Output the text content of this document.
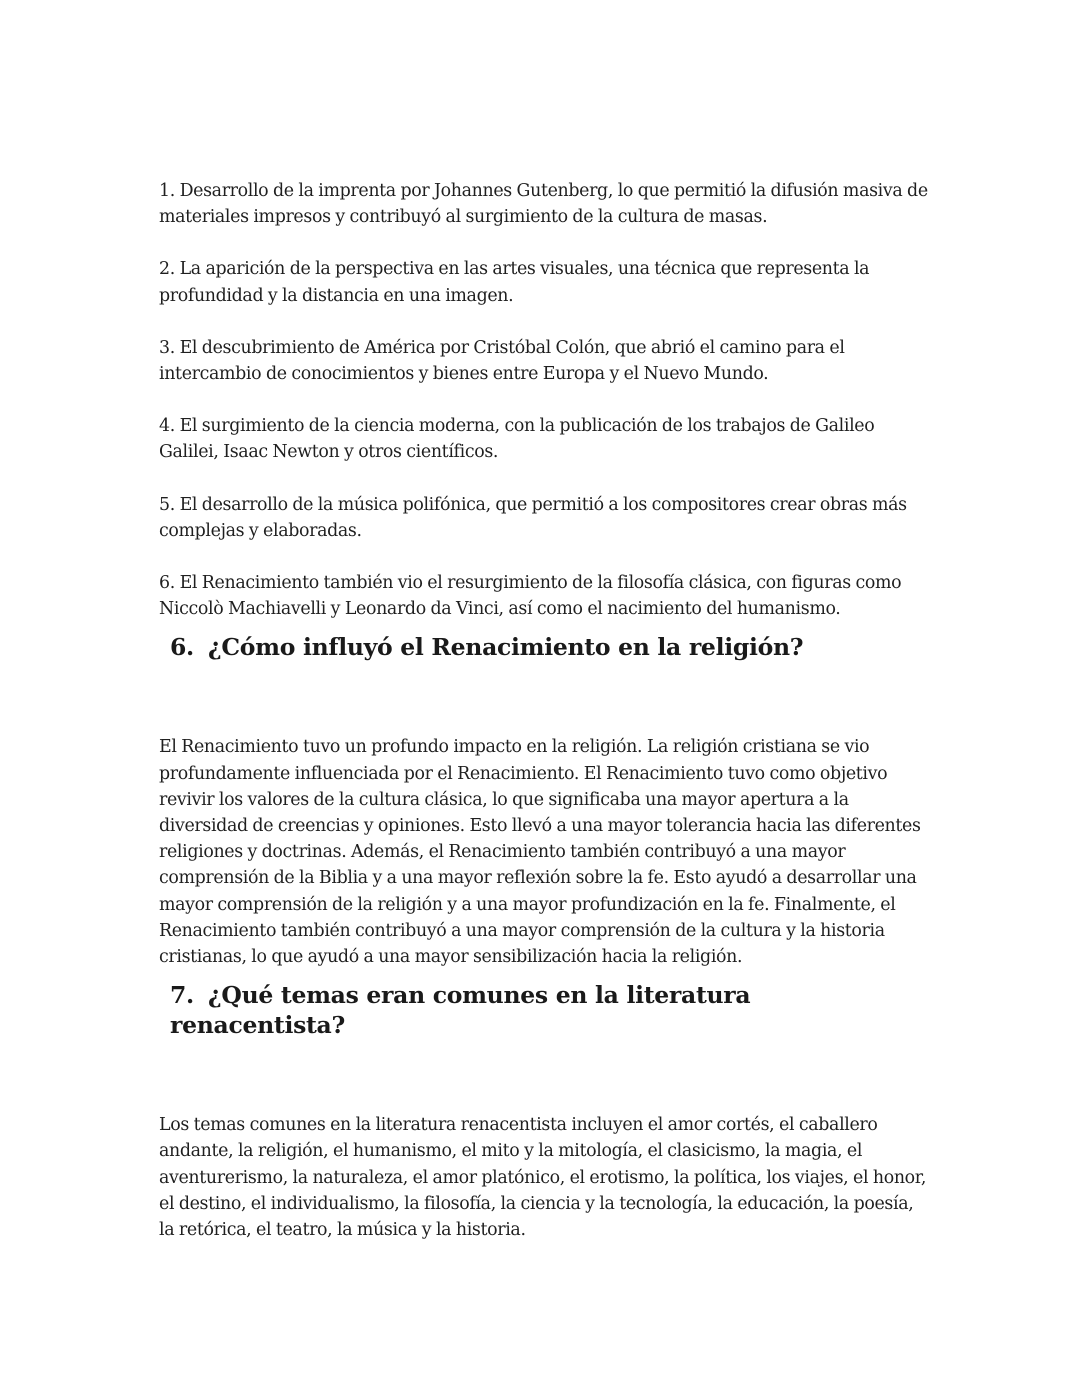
1. Desarrollo de la imprenta por Johannes Gutenberg, lo que permitió la difusión masiva de materiales impresos y contribuyó al surgimiento de la cultura de masas.

2. La aparición de la perspectiva en las artes visuales, una técnica que representa la profundidad y la distancia en una imagen.

3. El descubrimiento de América por Cristóbal Colón, que abrió el camino para el intercambio de conocimientos y bienes entre Europa y el Nuevo Mundo.

4. El surgimiento de la ciencia moderna, con la publicación de los trabajos de Galileo Galilei, Isaac Newton y otros científicos.

5. El desarrollo de la música polifónica, que permitió a los compositores crear obras más complejas y elaboradas.

6. El Renacimiento también vio el resurgimiento de la filosofía clásica, con figuras como Niccolò Machiavelli y Leonardo da Vinci, así como el nacimiento del humanismo.

6. ¿Cómo influyó el Renacimiento en la religión?

El Renacimiento tuvo un profundo impacto en la religión. La religión cristiana se vio profundamente influenciada por el Renacimiento. El Renacimiento tuvo como objetivo revivir los valores de la cultura clásica, lo que significaba una mayor apertura a la diversidad de creencias y opiniones. Esto llevó a una mayor tolerancia hacia las diferentes religiones y doctrinas. Además, el Renacimiento también contribuyó a una mayor comprensión de la Biblia y a una mayor reflexión sobre la fe. Esto ayudó a desarrollar una mayor comprensión de la religión y a una mayor profundización en la fe. Finalmente, el Renacimiento también contribuyó a una mayor comprensión de la cultura y la historia cristianas, lo que ayudó a una mayor sensibilización hacia la religión.

7. ¿Qué temas eran comunes en la literatura renacentista?

Los temas comunes en la literatura renacentista incluyen el amor cortés, el caballero andante, la religión, el humanismo, el mito y la mitología, el clasicismo, la magia, el aventurerismo, la naturaleza, el amor platónico, el erotismo, la política, los viajes, el honor, el destino, el individualismo, la filosofía, la ciencia y la tecnología, la educación, la poesía, la retórica, el teatro, la música y la historia.
